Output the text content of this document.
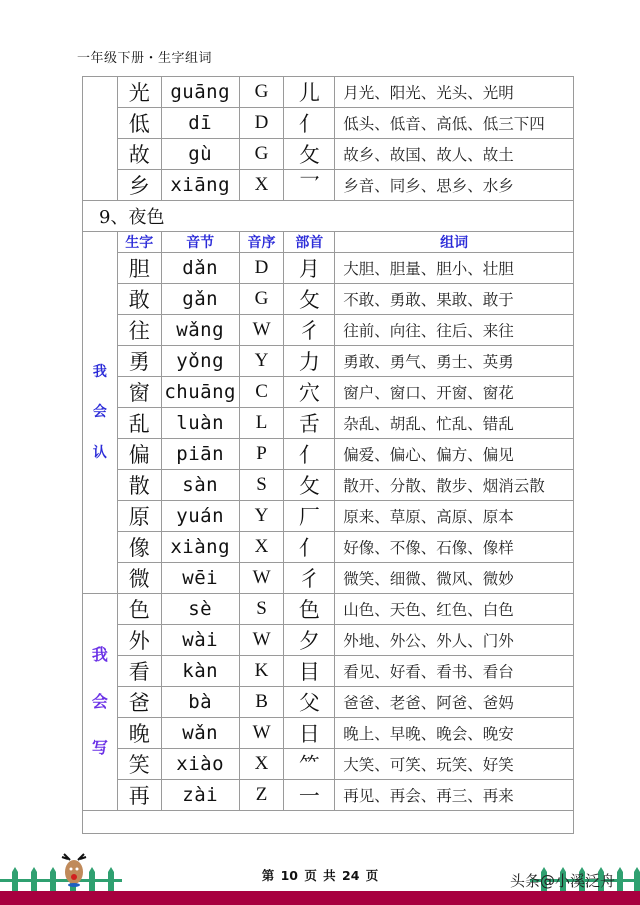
一年级下册・生字组词
	光	guāng	G	儿	月光、阳光、光头、光明
	低	dī	D	亻	低头、低音、高低、低三下四
	故	gù	G	攵	故乡、故国、故人、故土
	乡	xiāng	X	乛	乡音、同乡、思乡、水乡
9、夜色					
我
会
认	生字	音节	音序	部首	组词
	胆	dǎn	D	月	大胆、胆量、胆小、壮胆
	敢	gǎn	G	攵	不敢、勇敢、果敢、敢于
	往	wǎng	W	彳	往前、向往、往后、来往
	勇	yǒng	Y	力	勇敢、勇气、勇士、英勇
	窗	chuāng	C	穴	窗户、窗口、开窗、窗花
	乱	luàn	L	舌	杂乱、胡乱、忙乱、错乱
	偏	piān	P	亻	偏爱、偏心、偏方、偏见
	散	sàn	S	攵	散开、分散、散步、烟消云散
	原	yuán	Y	厂	原来、草原、高原、原本
	像	xiàng	X	亻	好像、不像、石像、像样
	微	wēi	W	彳	微笑、细微、微风、微妙
我
会
写	色	sè	S	色	山色、天色、红色、白色
	外	wài	W	夕	外地、外公、外人、门外
	看	kàn	K	目	看见、好看、看书、看台
	爸	bà	B	父	爸爸、老爸、阿爸、爸妈
	晚	wǎn	W	日	晚上、早晚、晚会、晚安
	笑	xiào	X	⺮	大笑、可笑、玩笑、好笑
	再	zài	Z	一	再见、再会、再三、再来

第 10 页 共 24 页	头条@小溪泛舟
